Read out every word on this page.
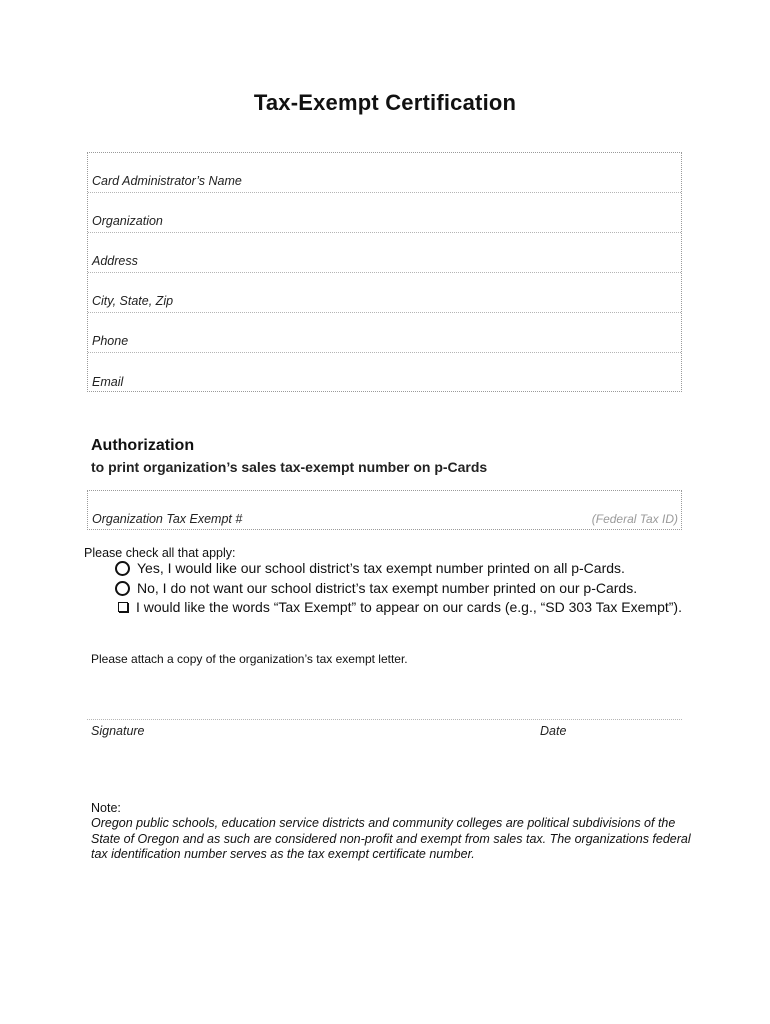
Tax-Exempt Certification
Card Administrator’s Name
Organization
Address
City, State, Zip
Phone
Email
Authorization
to print organization’s sales tax-exempt number on p-Cards
Organization Tax Exempt #	(Federal Tax ID)
Please check all that apply:
Yes, I would like our school district’s tax exempt number printed on all p-Cards.
No, I do not want our school district’s tax exempt number printed on our p-Cards.
I would like the words “Tax Exempt” to appear on our cards (e.g., “SD 303 Tax Exempt”).
Please attach a copy of the organization’s tax exempt letter.
Signature	Date
Note:
Oregon public schools, education service districts and community colleges are political subdivisions of the State of Oregon and as such are considered non-profit and exempt from sales tax. The organizations federal tax identification number serves as the tax exempt certificate number.
